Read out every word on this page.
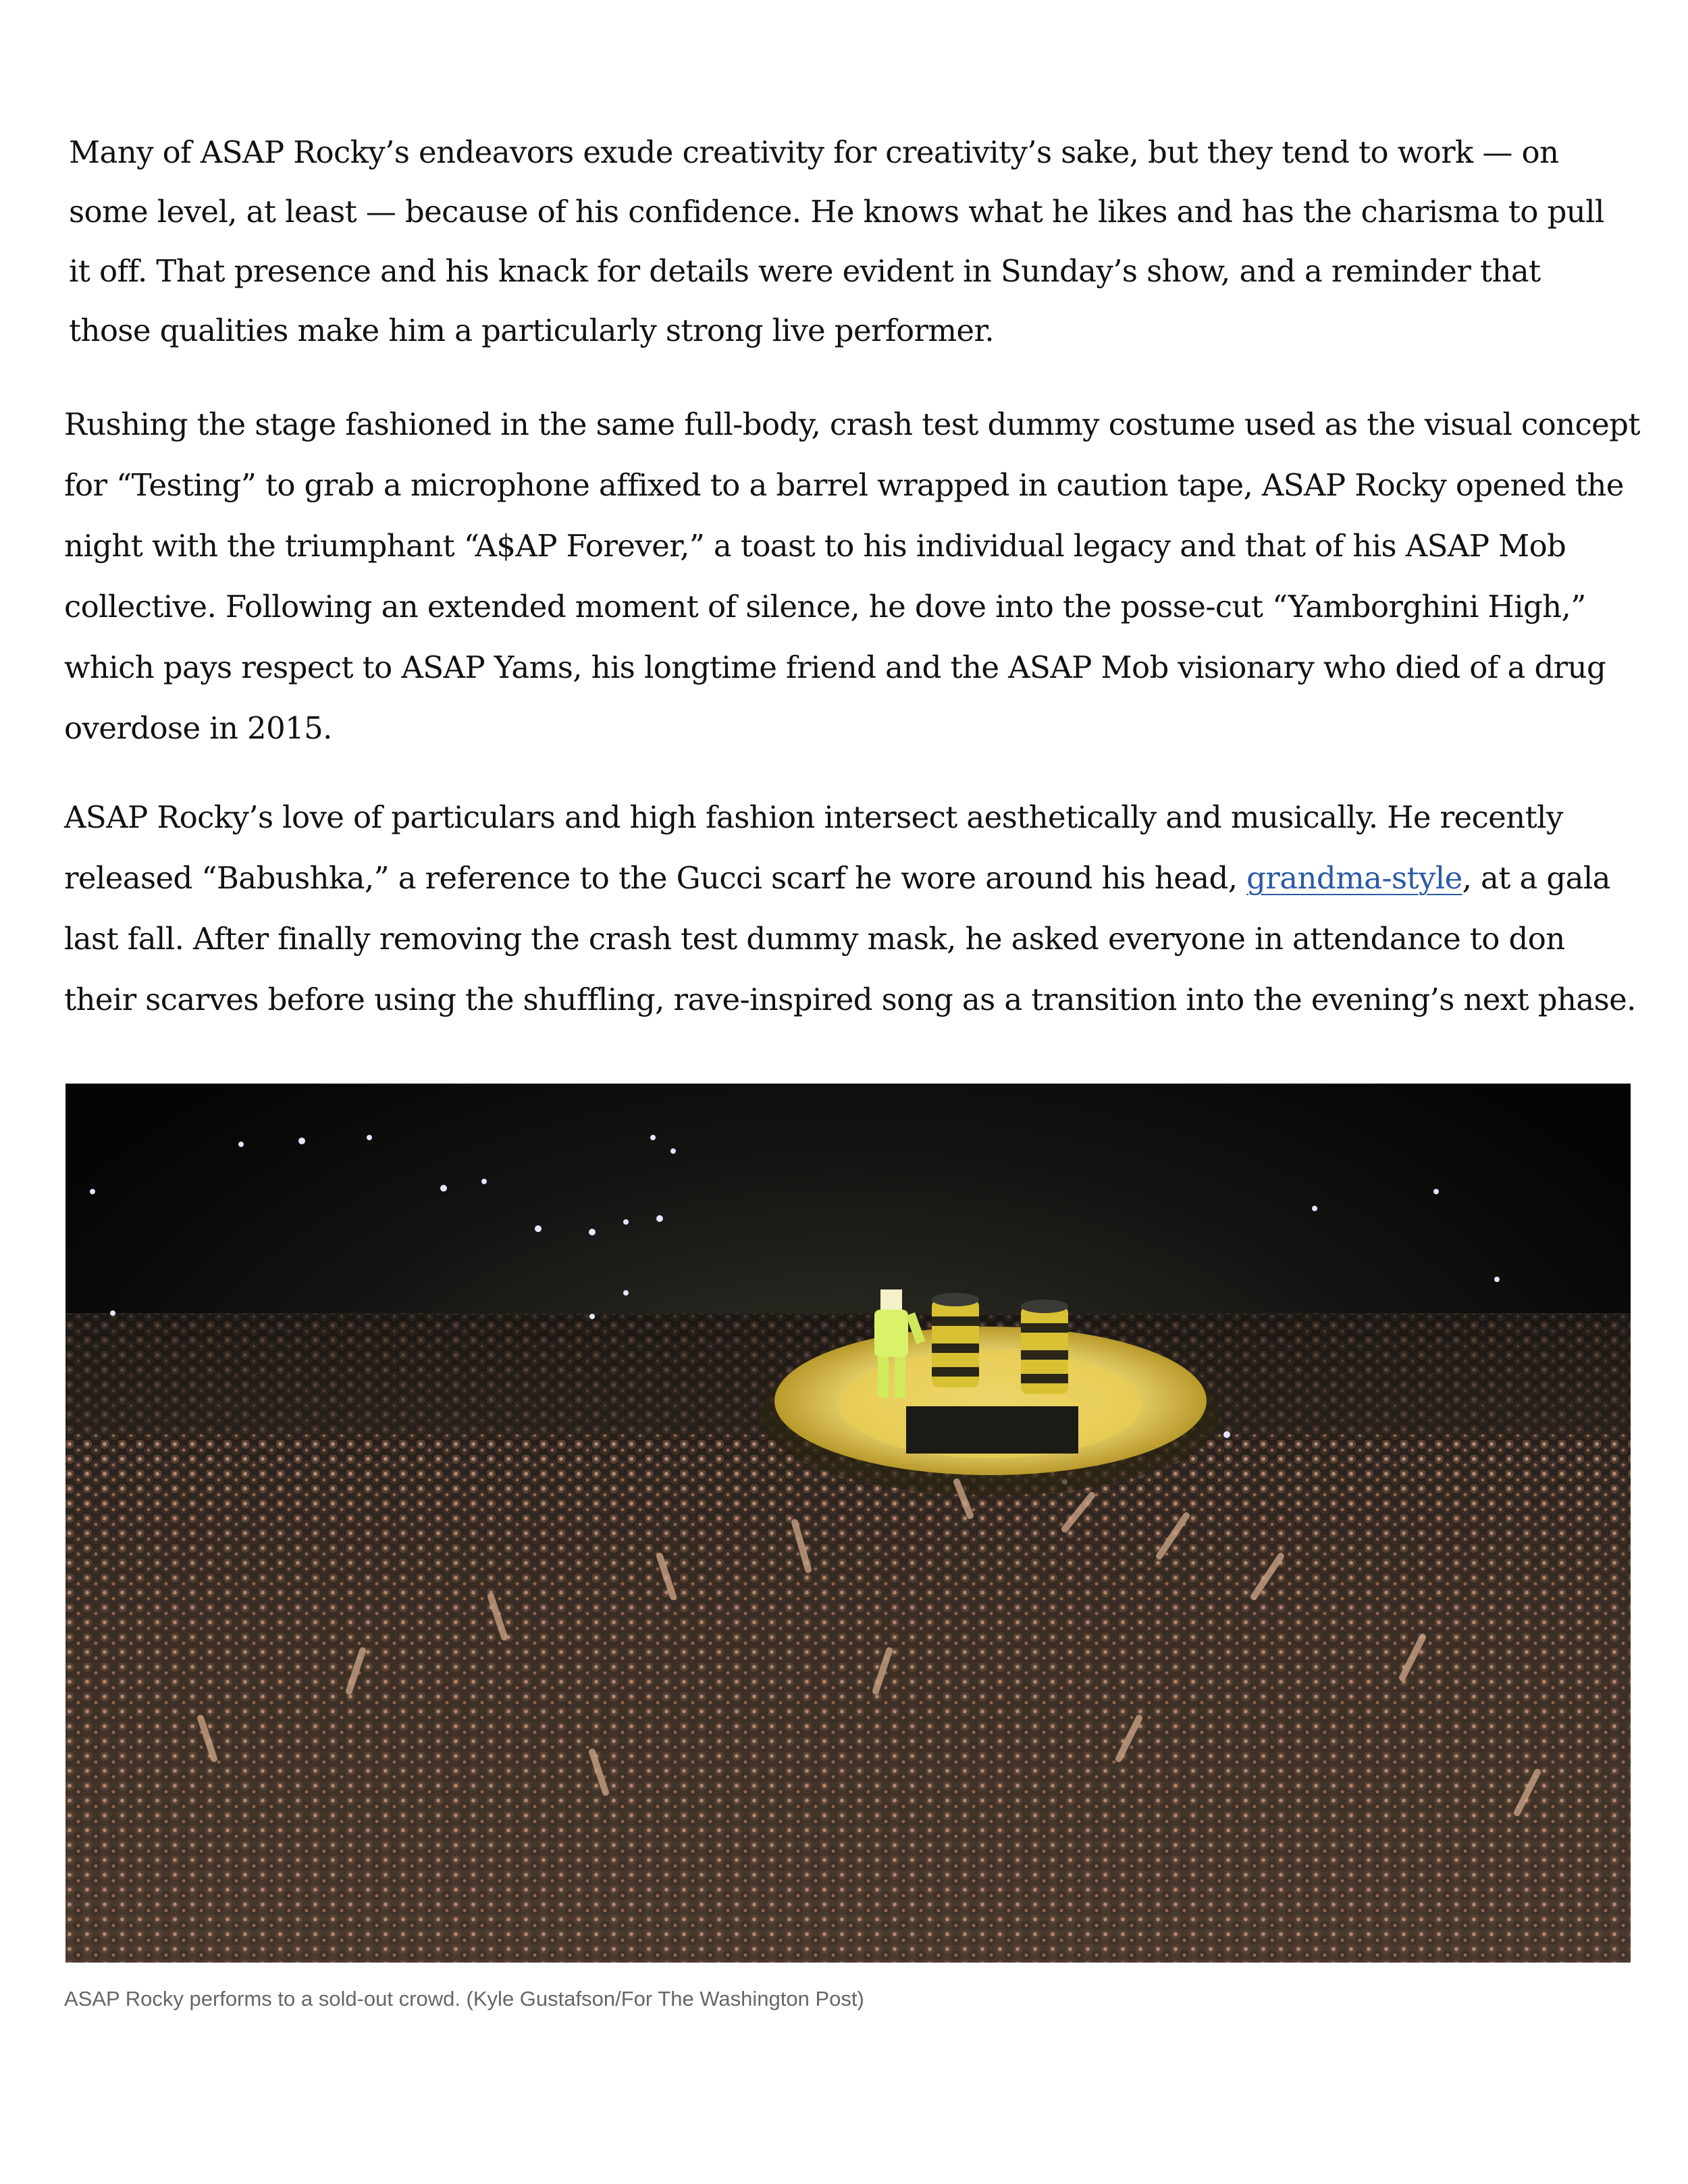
Many of ASAP Rocky’s endeavors exude creativity for creativity’s sake, but they tend to work — on some level, at least — because of his confidence. He knows what he likes and has the charisma to pull it off. That presence and his knack for details were evident in Sunday’s show, and a reminder that those qualities make him a particularly strong live performer.

Rushing the stage fashioned in the same full-body, crash test dummy costume used as the visual concept for “Testing” to grab a microphone affixed to a barrel wrapped in caution tape, ASAP Rocky opened the night with the triumphant “A$AP Forever,” a toast to his individual legacy and that of his ASAP Mob collective. Following an extended moment of silence, he dove into the posse-cut “Yamborghini High,” which pays respect to ASAP Yams, his longtime friend and the ASAP Mob visionary who died of a drug overdose in 2015.

ASAP Rocky’s love of particulars and high fashion intersect aesthetically and musically. He recently released “Babushka,” a reference to the Gucci scarf he wore around his head, grandma-style, at a gala last fall. After finally removing the crash test dummy mask, he asked everyone in attendance to don their scarves before using the shuffling, rave-inspired song as a transition into the evening’s next phase.

ASAP Rocky performs to a sold-out crowd. (Kyle Gustafson/For The Washington Post)
